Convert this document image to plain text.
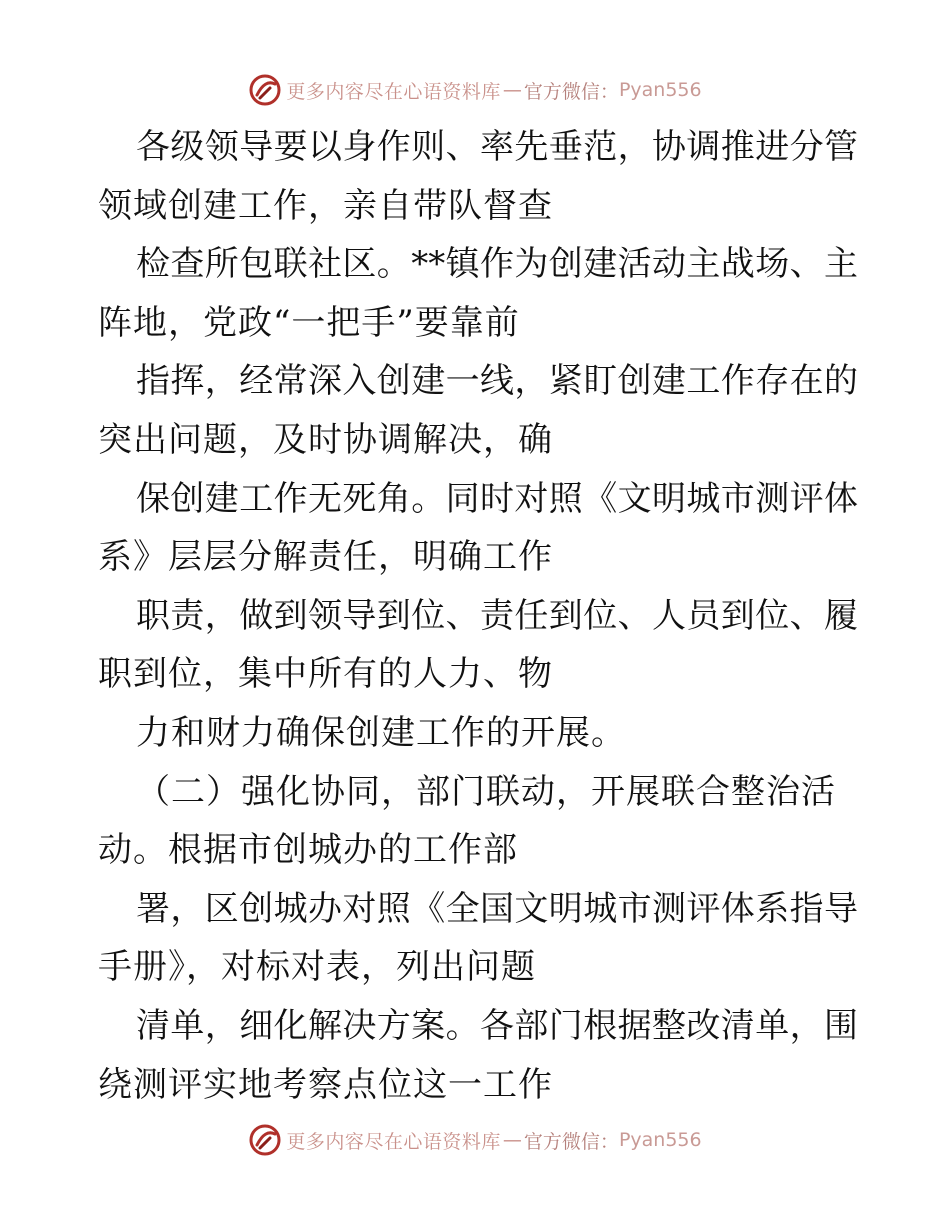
更多内容尽在心语资料库 — 官方微信： Pyan556
各级领导要以身作则、率先垂范，协调推进分管
领域创建工作，亲自带队督查
检查所包联社区。**镇作为创建活动主战场、主
阵地，党政“一把手”要靠前
指挥，经常深入创建一线，紧盯创建工作存在的
突出问题，及时协调解决，确
保创建工作无死角。同时对照《文明城市测评体
系》层层分解责任，明确工作
职责，做到领导到位、责任到位、人员到位、履
职到位，集中所有的人力、物
力和财力确保创建工作的开展。
（二）强化协同，部门联动，开展联合整治活
动。根据市创城办的工作部
署，区创城办对照《全国文明城市测评体系指导
手册》，对标对表，列出问题
清单，细化解决方案。各部门根据整改清单，围
绕测评实地考察点位这一工作
更多内容尽在心语资料库 — 官方微信： Pyan556
